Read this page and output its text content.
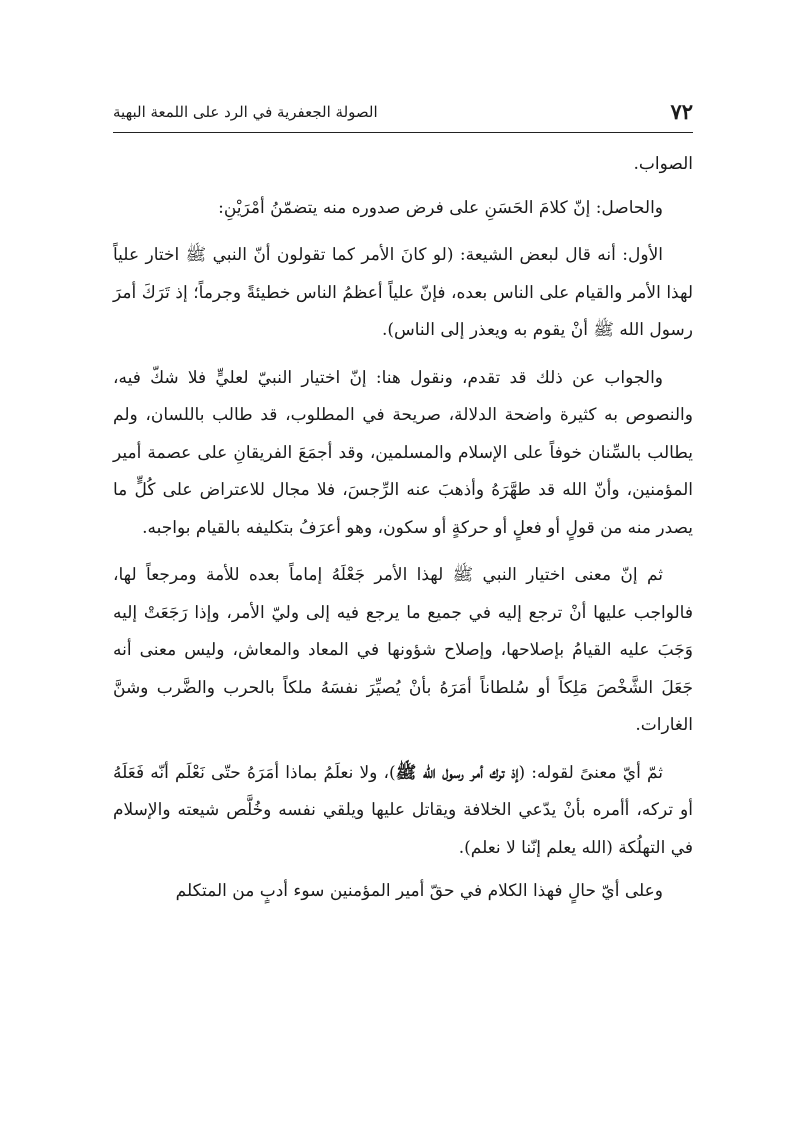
٧٢
الصولة الجعفرية في الرد على اللمعة البهية

الصواب.

والحاصل: إنّ كلامَ الحَسَنِ على فرض صدوره منه يتضمّنُ أمْرَيْنِ:

الأول: أنه قال لبعض الشيعة: (لو كانَ الأمر كما تقولون أنّ النبي ﷺ اختار علياً لهذا الأمر والقيام على الناس بعده، فإنّ علياً أعظمُ الناس خطيئةً وجرماً؛ إذ تَرَكَ أمرَ رسول الله ﷺ أنْ يقوم به ويعذر إلى الناس).

والجواب عن ذلك قد تقدم، ونقول هنا: إنّ اختيار النبيّ لعليٍّ فلا شكّ فيه، والنصوص به كثيرة واضحة الدلالة، صريحة في المطلوب، قد طالب باللسان، ولم يطالب بالسِّنان خوفاً على الإسلام والمسلمين، وقد أجمَعَ الفريقانِ على عصمة أمير المؤمنين، وأنّ الله قد طهَّرَهُ وأذهبَ عنه الرِّجسَ، فلا مجال للاعتراض على كُلٍّ ما يصدر منه من قولٍ أو فعلٍ أو حركةٍ أو سكون، وهو أعرَفُ بتكليفه بالقيام بواجبه.

ثم إنّ معنى اختيار النبي ﷺ لهذا الأمر جَعْلَهُ إماماً بعده للأمة ومرجعاً لها، فالواجب عليها أنْ ترجع إليه في جميع ما يرجع فيه إلى وليّ الأمر، وإذا رَجَعَتْ إليه وَجَبَ عليه القيامُ بإصلاحها، وإصلاح شؤونها في المعاد والمعاش، وليس معنى أنه جَعَلَ الشَّخْصَ مَلِكاً أو سُلطاناً أمَرَهُ بأنْ يُصيِّرَ نفسَهُ ملكاً بالحرب والضَّرب وشنَّ الغارات.

ثمّ أيّ معنىً لقوله: (إذ ترك أمر رسول الله ﷺ)، ولا نعلَمُ بماذا أمَرَهُ حتّى نَعْلَم أنّه فَعَلَهُ أو تركه، أأمره بأنْ يدّعي الخلافة ويقاتل عليها ويلقي نفسه وخُلَّص شيعته والإسلام في التهلُكة (الله يعلم إنّنا لا نعلم).

وعلى أيّ حالٍ فهذا الكلام في حقّ أمير المؤمنين سوء أدبٍ من المتكلم
